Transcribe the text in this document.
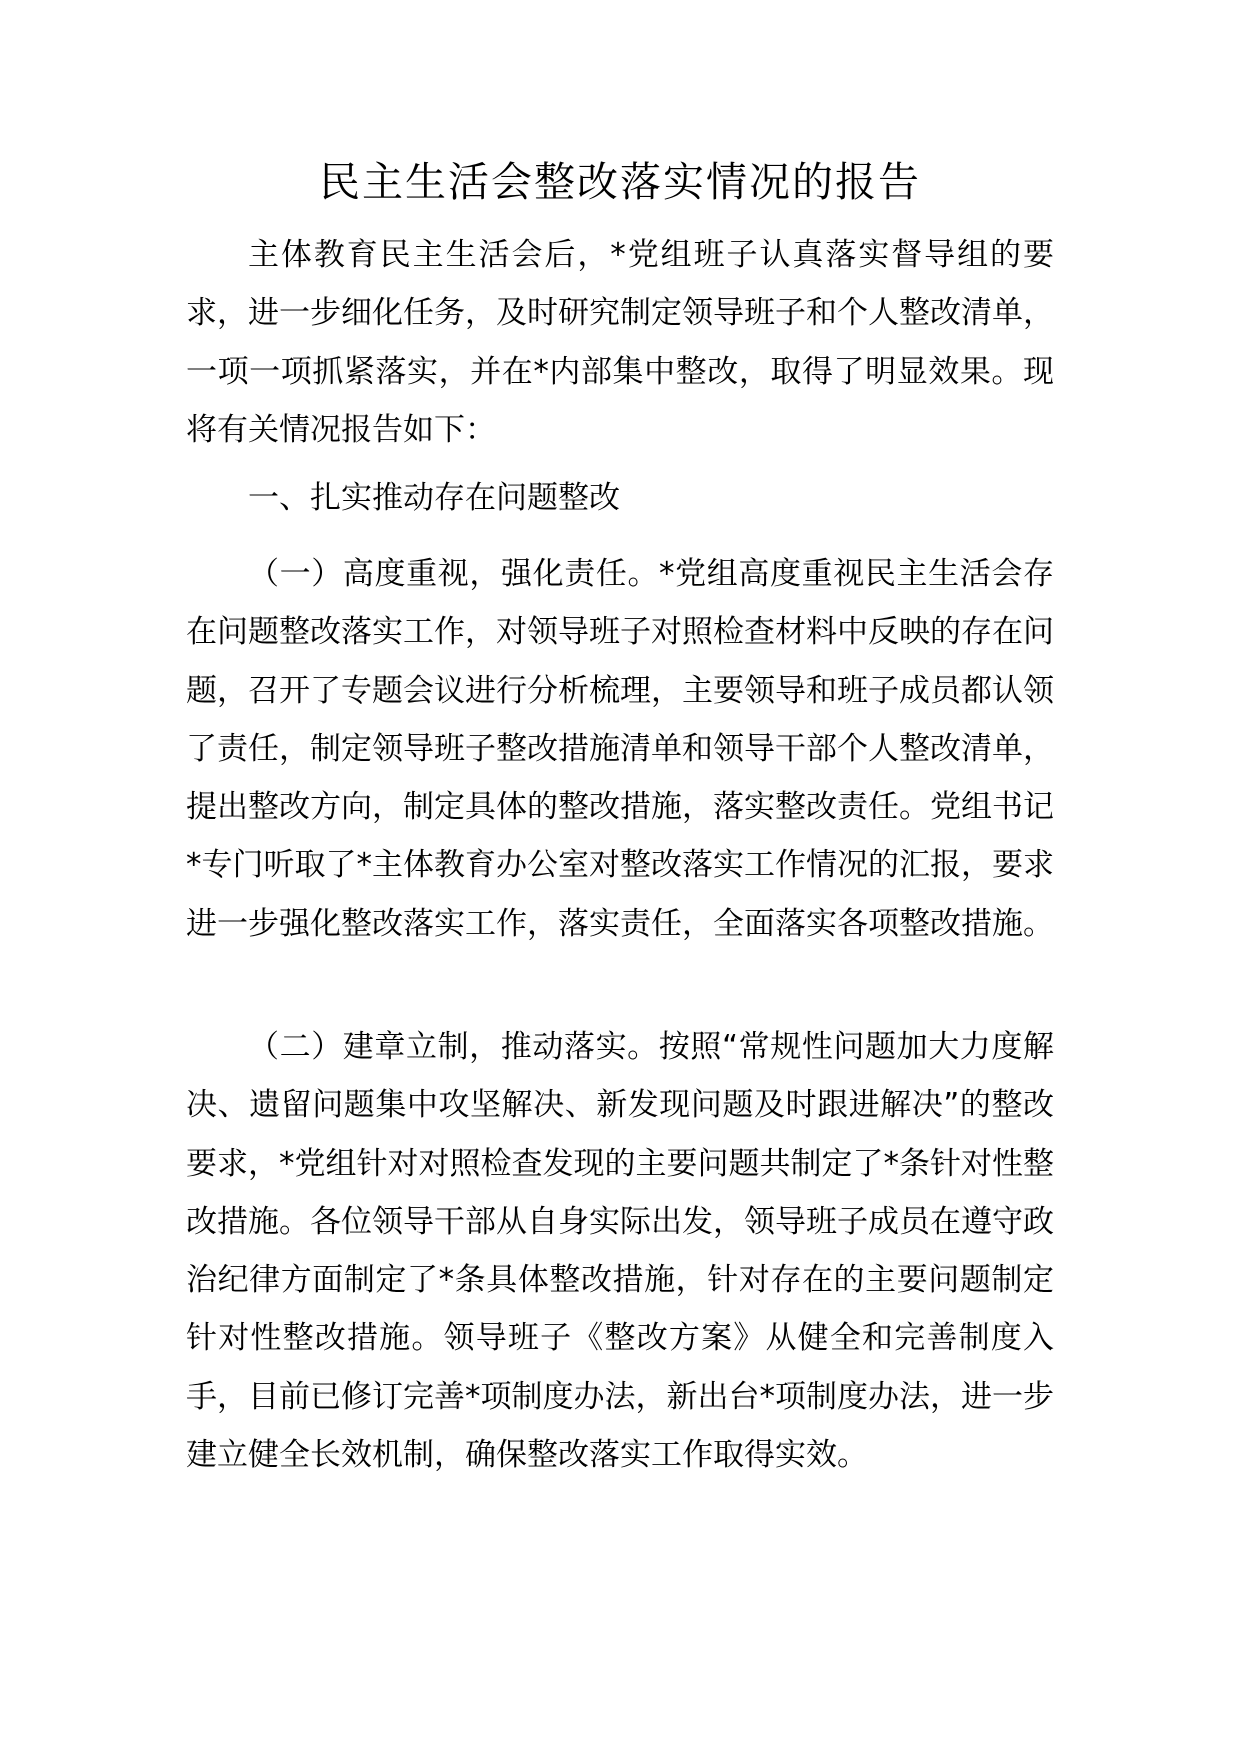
民主生活会整改落实情况的报告

主体教育民主生活会后，*党组班子认真落实督导组的要求，进一步细化任务，及时研究制定领导班子和个人整改清单，一项一项抓紧落实，并在*内部集中整改，取得了明显效果。现将有关情况报告如下：

一、扎实推动存在问题整改

（一）高度重视，强化责任。*党组高度重视民主生活会存在问题整改落实工作，对领导班子对照检查材料中反映的存在问题，召开了专题会议进行分析梳理，主要领导和班子成员都认领了责任，制定领导班子整改措施清单和领导干部个人整改清单，提出整改方向，制定具体的整改措施，落实整改责任。党组书记*专门听取了*主体教育办公室对整改落实工作情况的汇报，要求进一步强化整改落实工作，落实责任，全面落实各项整改措施。

（二）建章立制，推动落实。按照“常规性问题加大力度解决、遗留问题集中攻坚解决、新发现问题及时跟进解决”的整改要求，*党组针对对照检查发现的主要问题共制定了*条针对性整改措施。各位领导干部从自身实际出发，领导班子成员在遵守政治纪律方面制定了*条具体整改措施，针对存在的主要问题制定针对性整改措施。领导班子《整改方案》从健全和完善制度入手，目前已修订完善*项制度办法，新出台*项制度办法，进一步建立健全长效机制，确保整改落实工作取得实效。
